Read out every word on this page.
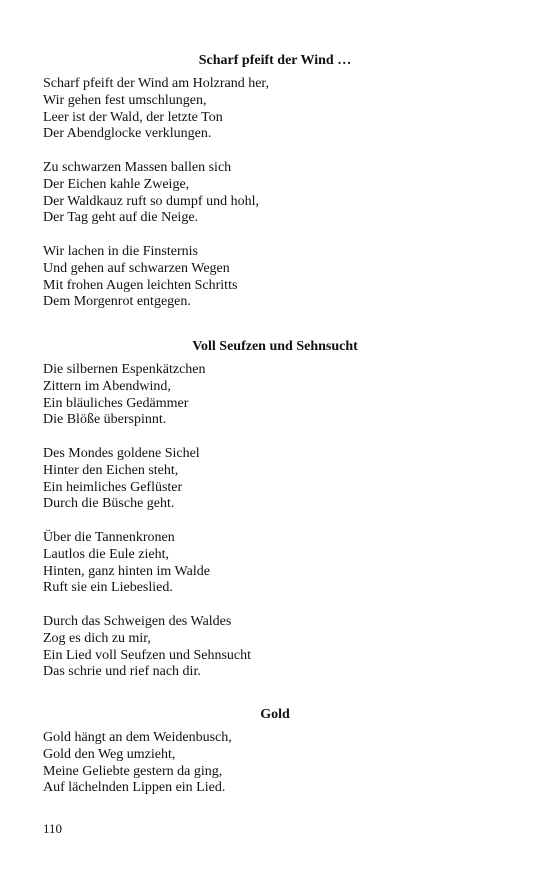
Scharf pfeift der Wind …
Scharf pfeift der Wind am Holzrand her,
Wir gehen fest umschlungen,
Leer ist der Wald, der letzte Ton
Der Abendglocke verklungen.
Zu schwarzen Massen ballen sich
Der Eichen kahle Zweige,
Der Waldkauz ruft so dumpf und hohl,
Der Tag geht auf die Neige.
Wir lachen in die Finsternis
Und gehen auf schwarzen Wegen
Mit frohen Augen leichten Schritts
Dem Morgenrot entgegen.
Voll Seufzen und Sehnsucht
Die silbernen Espenkätzchen
Zittern im Abendwind,
Ein bläuliches Gedämmer
Die Blöße überspinnt.
Des Mondes goldene Sichel
Hinter den Eichen steht,
Ein heimliches Geflüster
Durch die Büsche geht.
Über die Tannenkronen
Lautlos die Eule zieht,
Hinten, ganz hinten im Walde
Ruft sie ein Liebeslied.
Durch das Schweigen des Waldes
Zog es dich zu mir,
Ein Lied voll Seufzen und Sehnsucht
Das schrie und rief nach dir.
Gold
Gold hängt an dem Weidenbusch,
Gold den Weg umzieht,
Meine Geliebte gestern da ging,
Auf lächelnden Lippen ein Lied.
110
